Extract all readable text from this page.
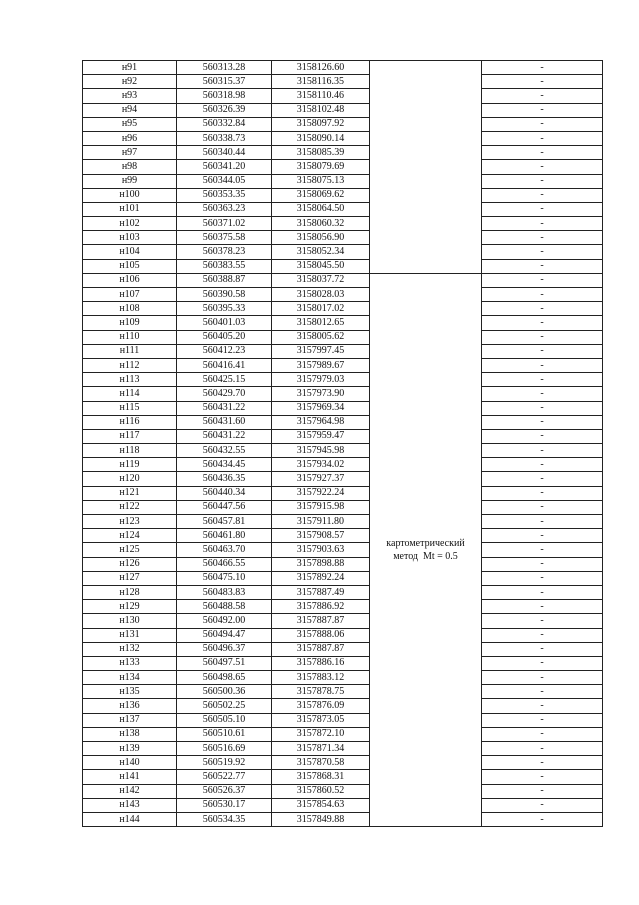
н91	560313.28	3158126.60		-
н92	560315.37	3158116.35		-
н93	560318.98	3158110.46		-
н94	560326.39	3158102.48		-
н95	560332.84	3158097.92		-
н96	560338.73	3158090.14		-
н97	560340.44	3158085.39		-
н98	560341.20	3158079.69		-
н99	560344.05	3158075.13		-
н100	560353.35	3158069.62		-
н101	560363.23	3158064.50		-
н102	560371.02	3158060.32		-
н103	560375.58	3158056.90		-
н104	560378.23	3158052.34		-
н105	560383.55	3158045.50		-
н106	560388.87	3158037.72	картометрический
метод  Mt = 0.5	-
н107	560390.58	3158028.03		-
н108	560395.33	3158017.02		-
н109	560401.03	3158012.65		-
н110	560405.20	3158005.62		-
н111	560412.23	3157997.45		-
н112	560416.41	3157989.67		-
н113	560425.15	3157979.03		-
н114	560429.70	3157973.90		-
н115	560431.22	3157969.34		-
н116	560431.60	3157964.98		-
н117	560431.22	3157959.47		-
н118	560432.55	3157945.98		-
н119	560434.45	3157934.02		-
н120	560436.35	3157927.37		-
н121	560440.34	3157922.24		-
н122	560447.56	3157915.98		-
н123	560457.81	3157911.80		-
н124	560461.80	3157908.57		-
н125	560463.70	3157903.63		-
н126	560466.55	3157898.88		-
н127	560475.10	3157892.24		-
н128	560483.83	3157887.49		-
н129	560488.58	3157886.92		-
н130	560492.00	3157887.87		-
н131	560494.47	3157888.06		-
н132	560496.37	3157887.87		-
н133	560497.51	3157886.16		-
н134	560498.65	3157883.12		-
н135	560500.36	3157878.75		-
н136	560502.25	3157876.09		-
н137	560505.10	3157873.05		-
н138	560510.61	3157872.10		-
н139	560516.69	3157871.34		-
н140	560519.92	3157870.58		-
н141	560522.77	3157868.31		-
н142	560526.37	3157860.52		-
н143	560530.17	3157854.63		-
н144	560534.35	3157849.88		-
